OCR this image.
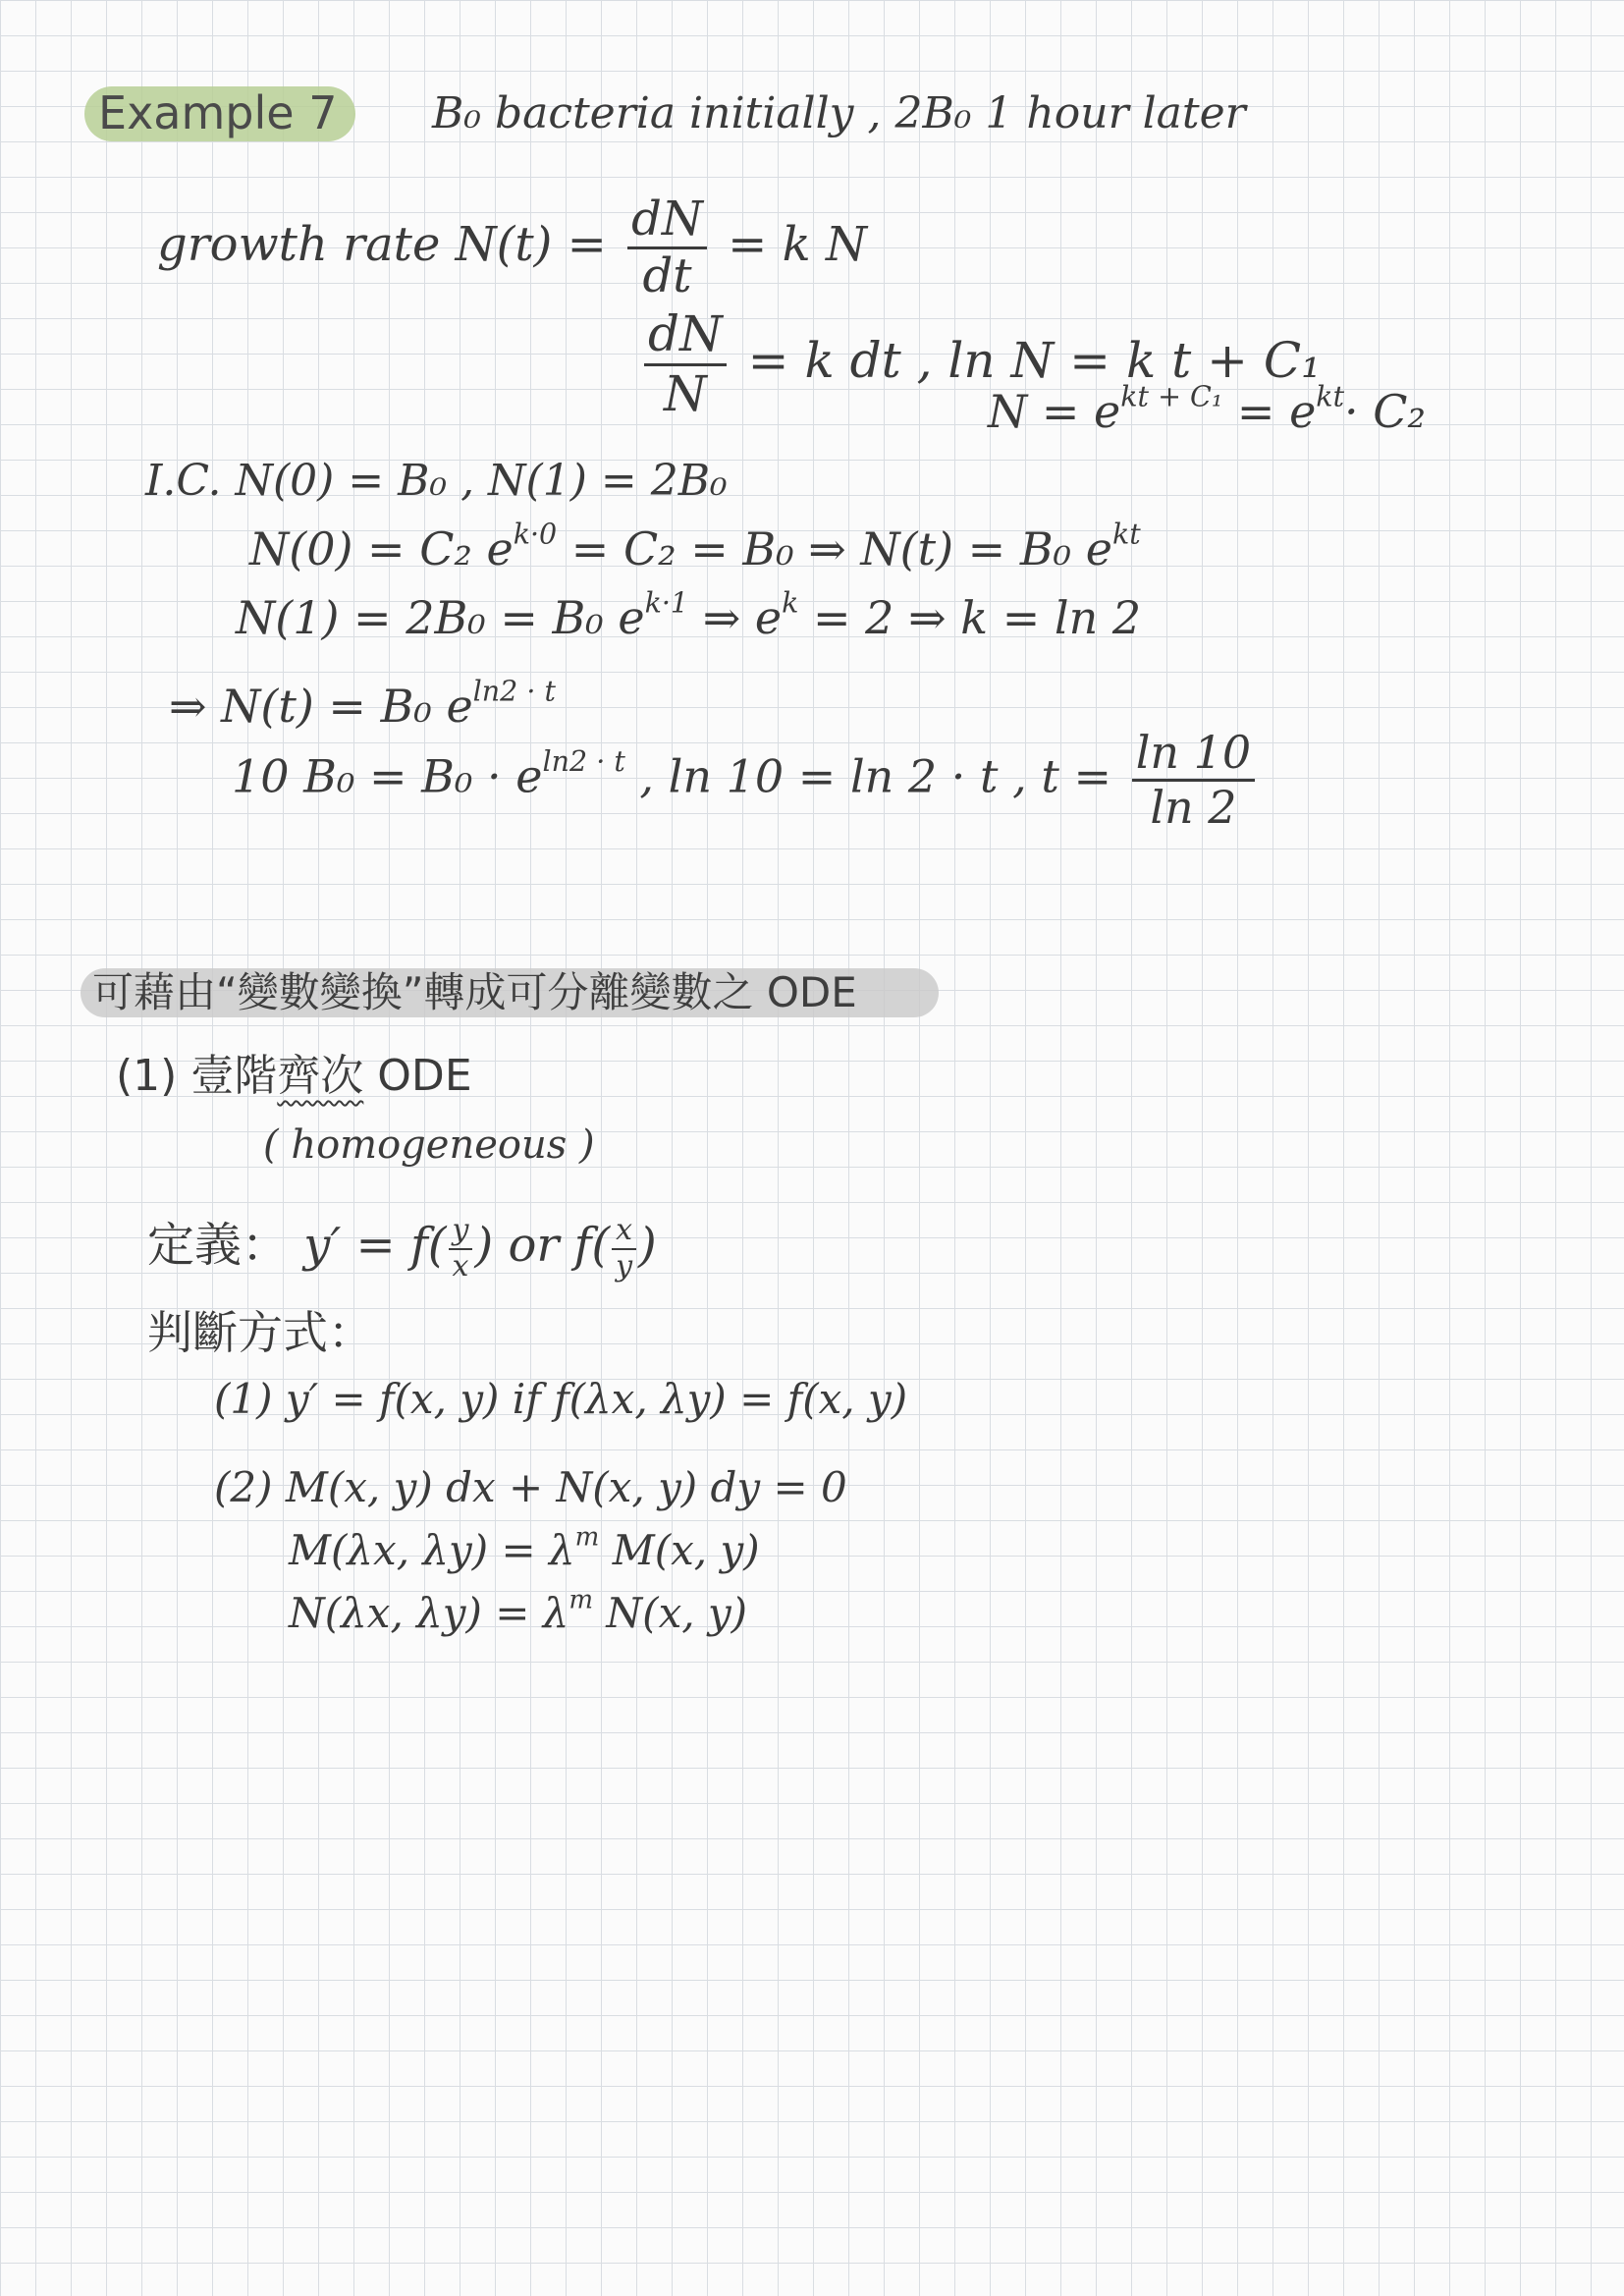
Example 7 B₀ bacteria initially , 2B₀ 1 hour later
growth rate $N(t) = \frac{dN}{dt} = k$ N
$\frac{dN}{N} = k$ dt , ln N = k t + C₁
$N = e^{kt + C_1} = e^{kt}\cdot C_2$
I.C. N(0) = B₀ , N(1) = 2B₀
N(0) = C₂ $e^{k\cdot 0} = C_2 = B_0$ ⇒ N(t) = B₀ $e^{kt}$
N(1) = 2B₀ = B₀ $e^{k\cdot 1}$ ⇒ $e^k = 2$ ⇒ k = ln 2
⇒ N(t) = B₀ $e^{ln2 \cdot t}$
10 $B_0 = B_0 \cdot e^{ln2 \cdot t}$ , ln 10 = ln 2 · t , $t = \frac{\ln 10}{\ln 2}$
可藉由“變數變換”轉成可分離變數之 ODE
(1) 壹階齊次 ODE
( homogeneous )
定義： $y' = f( \frac{y}{x}$ ) or $f( \frac{x}{y}$ )
判斷方式：
(1) y′ = f(x, y) if f(λx, λy) = f(x, y)
(2) M(x, y) dx + N(x, y) dy = 0
M(λx, $\lambda y) = \lambda^m$ M(x, y)
N(λx, $\lambda y) = \lambda^m$ N(x, y)
